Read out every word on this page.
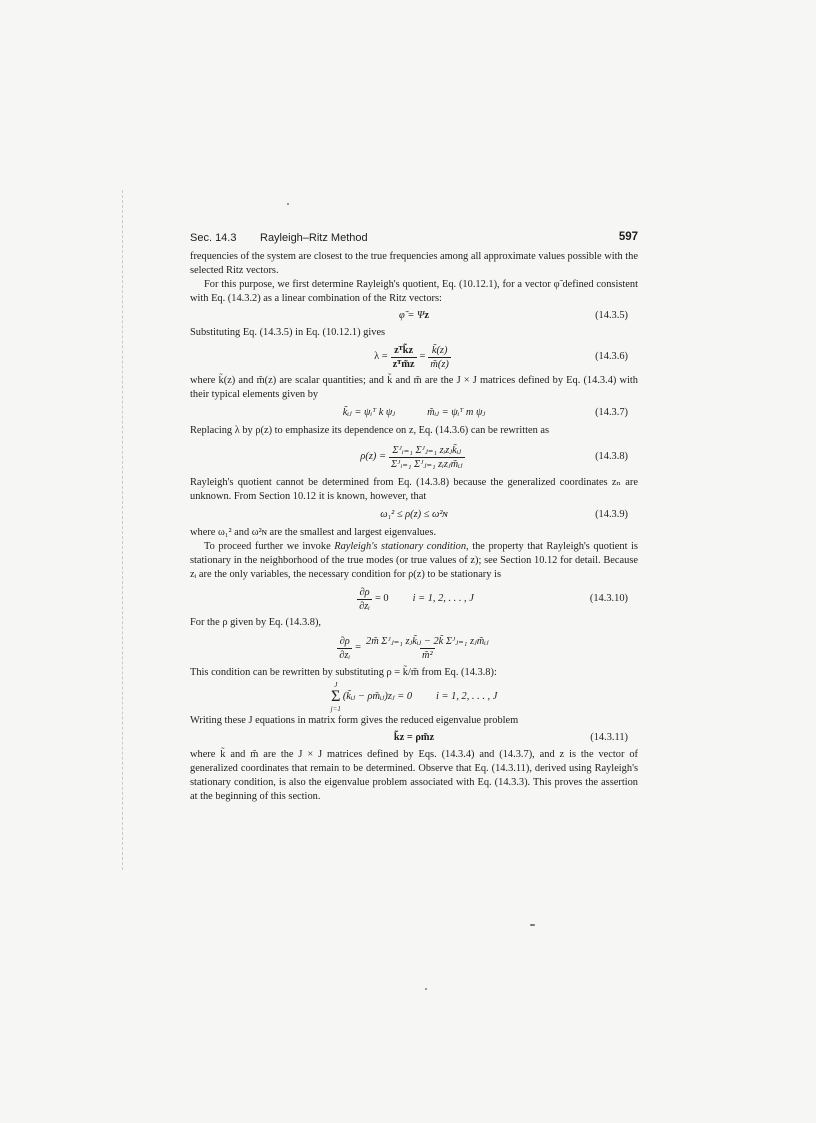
Sec. 14.3 Rayleigh–Ritz Method	597

frequencies of the system are closest to the true frequencies among all approximate values possible with the selected Ritz vectors.

For this purpose, we first determine Rayleigh's quotient, Eq. (10.12.1), for a vector φ̃ defined consistent with Eq. (14.3.2) as a linear combination of the Ritz vectors:

φ̃ = Ψz	(14.3.5)

Substituting Eq. (14.3.5) in Eq. (10.12.1) gives

$\lambda = \frac{\text{zᵀk̃z}}{\text{zᵀm̃z}} = \frac{k̃(z)}{m̃(z)}$	(14.3.6)

where k̃(z) and m̃(z) are scalar quantities; and k̃ and m̃ are the J × J matrices defined by Eq. (14.3.4) with their typical elements given by

k̃ᵢⱼ = ψᵢᵀ k ψⱼ	m̃ᵢⱼ = ψᵢᵀ m ψⱼ	(14.3.7)

Replacing λ by ρ(z) to emphasize its dependence on z, Eq. (14.3.6) can be rewritten as

$\rho(z) = \frac{\text{Σᴶᵢ₌₁ Σᴶⱼ₌₁ zᵢzⱼk̃ᵢⱼ}}{\text{Σᴶᵢ₌₁ Σᴶⱼ₌₁ zᵢzⱼm̃ᵢⱼ}}$	(14.3.8)

Rayleigh's quotient cannot be determined from Eq. (14.3.8) because the generalized coordinates zₙ are unknown. From Section 10.12 it is known, however, that

ω₁² ≤ ρ(z) ≤ ω²ɴ	(14.3.9)

where ω₁² and ω²ɴ are the smallest and largest eigenvalues.

To proceed further we invoke Rayleigh's stationary condition, the property that Rayleigh's quotient is stationary in the neighborhood of the true modes (or true values of z); see Section 10.12 for detail. Because zᵢ are the only variables, the necessary condition for ρ(z) to be stationary is

$\frac{\partial\rho}{\text{∂zᵢ}} = 0$ i = 1, 2, . . . , J	(14.3.10)

For the ρ given by Eq. (14.3.8),

$\frac{\partial\rho}{\text{∂zᵢ}} = \frac{\text{2m̃ Σᴶⱼ₌₁ zⱼk̃ᵢⱼ − 2k̃ Σᴶⱼ₌₁ zⱼm̃ᵢⱼ}}{\text{m̃²}}$

This condition can be rewritten by substituting ρ = k̃/m̃ from Eq. (14.3.8):

J
Σ
j=1
(k̃ᵢⱼ − ρm̃ᵢⱼ)zⱼ = 0 i = 1, 2, . . . , J

Writing these J equations in matrix form gives the reduced eigenvalue problem

k̃z = ρm̃z	(14.3.11)

where k̃ and m̃ are the J × J matrices defined by Eqs. (14.3.4) and (14.3.7), and z is the vector of generalized coordinates that remain to be determined. Observe that Eq. (14.3.11), derived using Rayleigh's stationary condition, is also the eigenvalue problem associated with Eq. (14.3.3). This proves the assertion at the beginning of this section.
